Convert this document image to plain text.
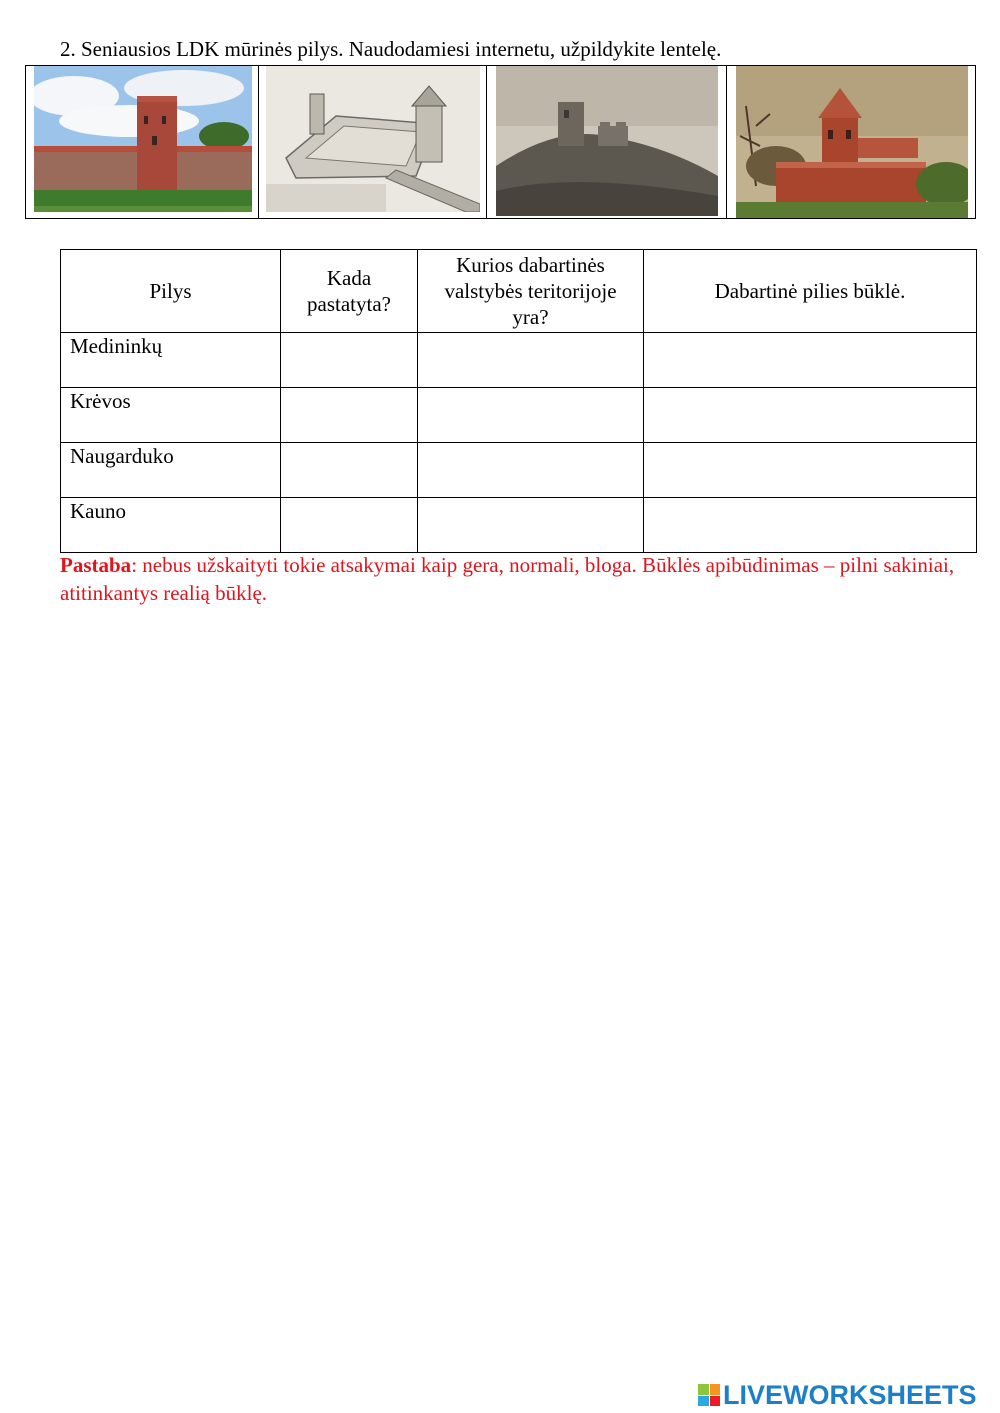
2. Seniausios LDK mūrinės pilys. Naudodamiesi internetu, užpildykite lentelę.
Pilys	Kada pastatyta?	Kurios dabartinės valstybės teritorijoje yra?	Dabartinė pilies būklė.
Medininkų			
Krėvos			
Naugarduko			
Kauno			
Pastaba: nebus užskaityti tokie atsakymai kaip gera, normali, bloga. Būklės apibūdinimas – pilni sakiniai, atitinkantys realią būklę.
LIVEWORKSHEETS
